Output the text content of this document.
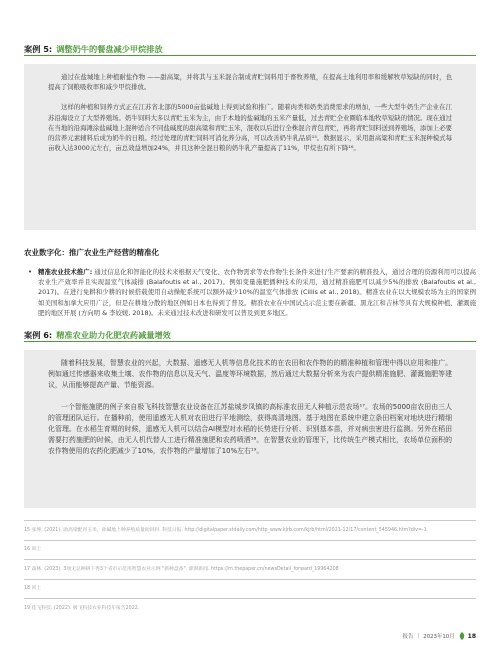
案例 5: 调整奶牛的餐盘减少甲烷排放

通过在盐城地上种植耐盐作物 ——甜高粱，并将其与玉米混合制成青贮饲料用于畜牧养殖，在提高土地利用率和缓解牧草短缺的同时，也提高了饲粮吸收率和减少甲烷排放。

这样的种植和饲养方式正在江苏省北部的5000亩盐碱地上得到试验和推广。随着肉类和奶类消费需求的增加，一些大型牛奶生产企业在江苏沿海设立了大型养殖场。奶牛饲料大多以青贮玉米为主，由于本地的盐碱地的玉米产量低，过去青贮全业圈临本地牧草短缺的情况。现在通过在当地的沿海滩涂盐碱地上混种适合不同盐碱度的甜高粱和青贮玉米，混收以后进行全株混合青包青贮，再将青贮饲料送到养殖场，添加上必要的营养元素辅料后成为奶牛的日粮。经过处理的青贮饲料可消化养分高，可以改善奶牛乳品质¹⁵。数据显示，采用甜高粱和青贮玉米混种模式每亩收入达3000元左右，亩总效益增加24%，并且这种全混日粮的奶牛乳产量提高了11%，甲烷也有所下降¹⁶。

农业数字化：推广农业生产经营的精准化
• 精准农业技术推广: 通过信息化和智能化的技术来根据天气变化、农作物需求等农作物生长条件来进行生产要素的精准投入，通过合理的资源利用可以提高农业生产效率并且实现温室气体减排 (Balafoutis et al., 2017)。例如变量施肥播种技术的采用，通过精准施肥可以减少5%的排放 (Balafoutis et al., 2017)。在进行免耕和少耕的时候搭载使用自动操舵系统可以额外减少10%的温室气体排放 (Cillis et al., 2018)。精准农业在以大规模农场为主的国家例如美国和加拿大应用广泛，但是在耕地分散的地区例如日本也得到了普及。精准农业在中国试点示范主要在新疆、黑龙江和吉林等具有大规模种植、灌溉施肥的地区开展 (方向明 & 李姣媛, 2018)。未来通过技术改进和研发可以普及到更多地区。
案例 6: 精准农业助力化肥农药减量增效

随着科技发展，智慧农业的兴起，大数据、遥感无人机等信息化技术的在农田和农作物的的精准种植和管理中得以应用和推广。例如通过传感器来收集土壤、农作物的信息以及天气、温度等环境数据，然后通过大数据分析来为农户提供精准施肥、灌溉施肥等建议，从而能够提高产量、节能资源。

一个智能施肥的例子来自极飞科技智慧农业设备在江苏盐城步凤镇的高标准农田无人种植示范农场¹⁷。农场的5000亩农田由三人的管理团队运行。在播种前，使用遥感无人机对农田进行平地测绘，获得高清地图。基于地图在系统中建立条田档案对地块进行精细化管理。在水稻生育期的时候，遥感无人机可以结合AI模型对水稻的长势进行分析、识别基本苗，并对病虫害进行监测。另外在稻田需要打药施肥的时候，由无人机代替人工进行精准施肥和农药喷洒¹⁸。在智慧农业的管理下，比传统生产模式相比，农场单位面积的农作物使用的农药化肥减少了10%，农作物的产量增加了10%左右¹⁹。

15 张坤. (2021). 助高梁配青玉米，盐碱地上种养殖质量助饲料. 科技日报. http://digitalpaper.stdaily.com/http_www.kjrb.com/kjrb/html/2021-12/17/content_545946.htm?div=-1
16 同上
17 森林. (2023). 3项无总种耕下秀3个省市示范用智慧农业示例 "新种盘备". 澎湃新闻. https://m.thepaper.cn/newsDetail_forward_19964208
18 同上
19 佳飞科技. (2022). 极飞科技农业科技年报告2022.
报告 | 2023年10月 18
